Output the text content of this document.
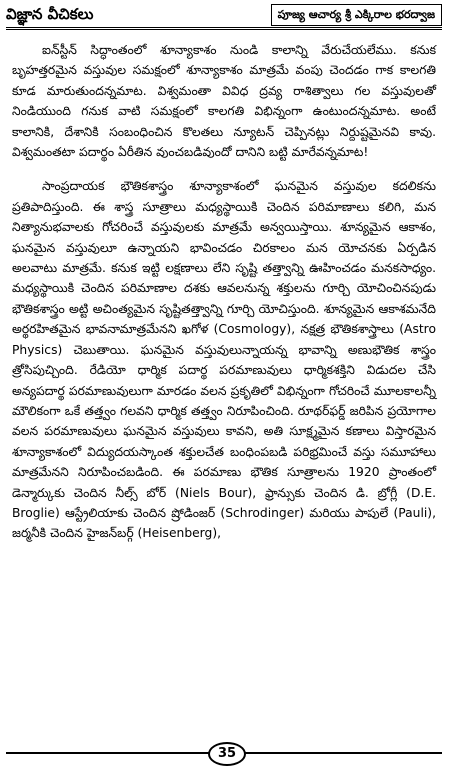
విజ్ఞాన వీచికలు	పూజ్య ఆచార్య శ్రీ ఎక్కిరాల భరద్వాజ

ఐన్‌స్టీన్ సిద్ధాంతంలో శూన్యాకాశం నుండి కాలాన్ని వేరుచేయలేము. కనుక బృహత్తరమైన వస్తువుల సమక్షంలో శూన్యాకాశం మాత్రమే వంపు చెందడం గాక కాలగతి కూడ మారుతుందన్నమాట. విశ్వమంతా వివిధ ద్రవ్య రాశిత్వాలు గల వస్తువులతో నిండియుంది గనుక వాటి సమక్షంలో కాలగతి విభిన్నంగా ఉంటుందన్నమాట. అంటే కాలానికి, దేశానికి సంబంధించిన కొలతలు న్యూటన్ చెప్పినట్లు నిర్దుష్టమైనవి కావు. విశ్వమంతటా పదార్థం ఏరీతిన వుంచబడివుందో దానిని బట్టి మారేవన్నమాట!

సాంప్రదాయక భౌతికశాస్త్రం శూన్యాకాశంలో ఘనమైన వస్తువుల కదలికను ప్రతిపాదిస్తుంది. ఈ శాస్త్ర సూత్రాలు మధ్యస్థాయికి చెందిన పరిమాణాలు కలిగి, మన నిత్యానుభవాలకు గోచరించే వస్తువులకు మాత్రమే అన్వయిస్తాయి. శూన్యమైన ఆకాశం, ఘనమైన వస్తువులూ ఉన్నాయని భావించడం చిరకాలం మన యోచనకు ఏర్పడిన అలవాటు మాత్రమే. కనుక ఇట్టి లక్షణాలు లేని సృష్టి తత్త్వాన్ని ఊహించడం మనకసాధ్యం. మధ్యస్థాయికి చెందిన పరిమాణాల దశకు ఆవలనున్న శక్తులను గూర్చి యోచించినపుడు భౌతికశాస్త్రం అట్టి అచింత్యమైన సృష్టితత్త్వాన్ని గూర్చి యోచిస్తుంది. శూన్యమైన ఆకాశమనేది అర్థరహితమైన భావనామాత్రమేనని ఖగోళ (Cosmology), నక్షత్ర భౌతికశాస్త్రాలు (Astro Physics) చెబుతాయి. ఘనమైన వస్తువులున్నాయన్న భావాన్ని అణుభౌతిక శాస్త్రం త్రోసిపుచ్చింది. రేడియో ధార్మిక పదార్థ పరమాణువులు ధార్మికశక్తిని విడుదల చేసి అన్యపదార్థ పరమాణువులుగా మారడం వలన ప్రకృతిలో విభిన్నంగా గోచరించే మూలకాలన్నీ మౌలికంగా ఒకే తత్త్వం గలవని ధార్మిక తత్త్వం నిరూపించింది. రూథర్‌ఫర్డ్ జరిపిన ప్రయోగాల వలన పరమాణువులు ఘనమైన వస్తువులు కావని, అతి సూక్ష్మమైన కణాలు విస్తారమైన శూన్యాకాశంలో విద్యుదయస్కాంత శక్తులచేత బంధింపబడి పరిభ్రమించే వస్తు సమూహాలు మాత్రమేనని నిరూపించబడింది. ఈ పరమాణు భౌతిక సూత్రాలను 1920 ప్రాంతంలో డెన్మార్కుకు చెందిన నీల్స్ బోర్ (Niels Bour), ఫ్రాన్సుకు చెందిన డి. బ్రోగ్లీ (D.E. Broglie) ఆస్ట్రేలియాకు చెందిన ష్రోడింజర్ (Schrodinger) మరియు పాపులే (Pauli), జర్మనీకి చెందిన హైజన్‌బర్గ్ (Heisenberg),

35
